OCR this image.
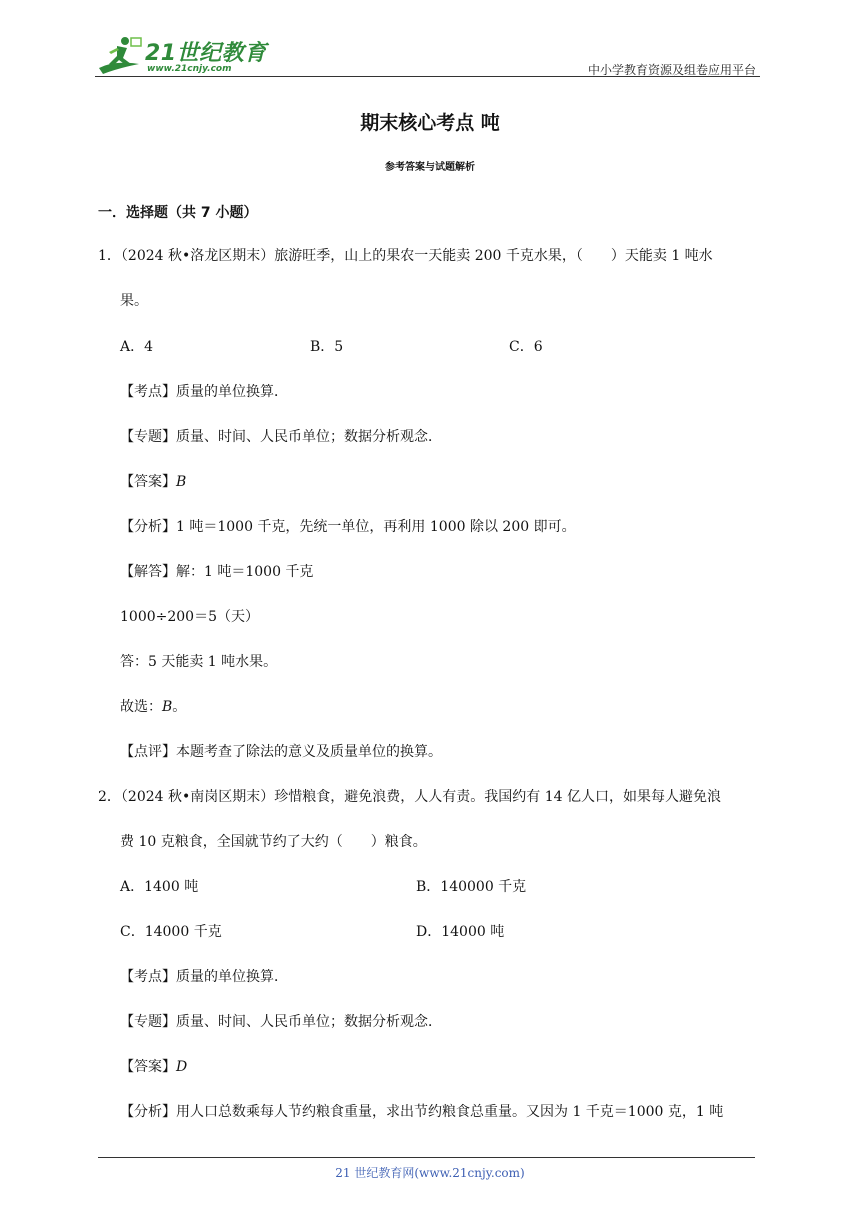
21世纪教育
www.21cnjy.com	中小学教育资源及组卷应用平台
期末核心考点 吨
参考答案与试题解析
一．选择题（共 7 小题）
1．（2024 秋•洛龙区期末）旅游旺季，山上的果农一天能卖 200 千克水果，（　　）天能卖 1 吨水
果。
A．4	B．5	C．6
【考点】质量的单位换算．
【专题】质量、时间、人民币单位；数据分析观念．
【答案】B
【分析】1 吨＝1000 千克，先统一单位，再利用 1000 除以 200 即可。
【解答】解：1 吨＝1000 千克
1000÷200＝5（天）
答：5 天能卖 1 吨水果。
故选：B。
【点评】本题考查了除法的意义及质量单位的换算。
2．（2024 秋•南岗区期末）珍惜粮食，避免浪费，人人有责。我国约有 14 亿人口，如果每人避免浪
费 10 克粮食，全国就节约了大约（　　）粮食。
A．1400 吨	B．140000 千克
C．14000 千克	D．14000 吨
【考点】质量的单位换算．
【专题】质量、时间、人民币单位；数据分析观念．
【答案】D
【分析】用人口总数乘每人节约粮食重量，求出节约粮食总重量。又因为 1 千克＝1000 克，1 吨
21 世纪教育网(www.21cnjy.com)
